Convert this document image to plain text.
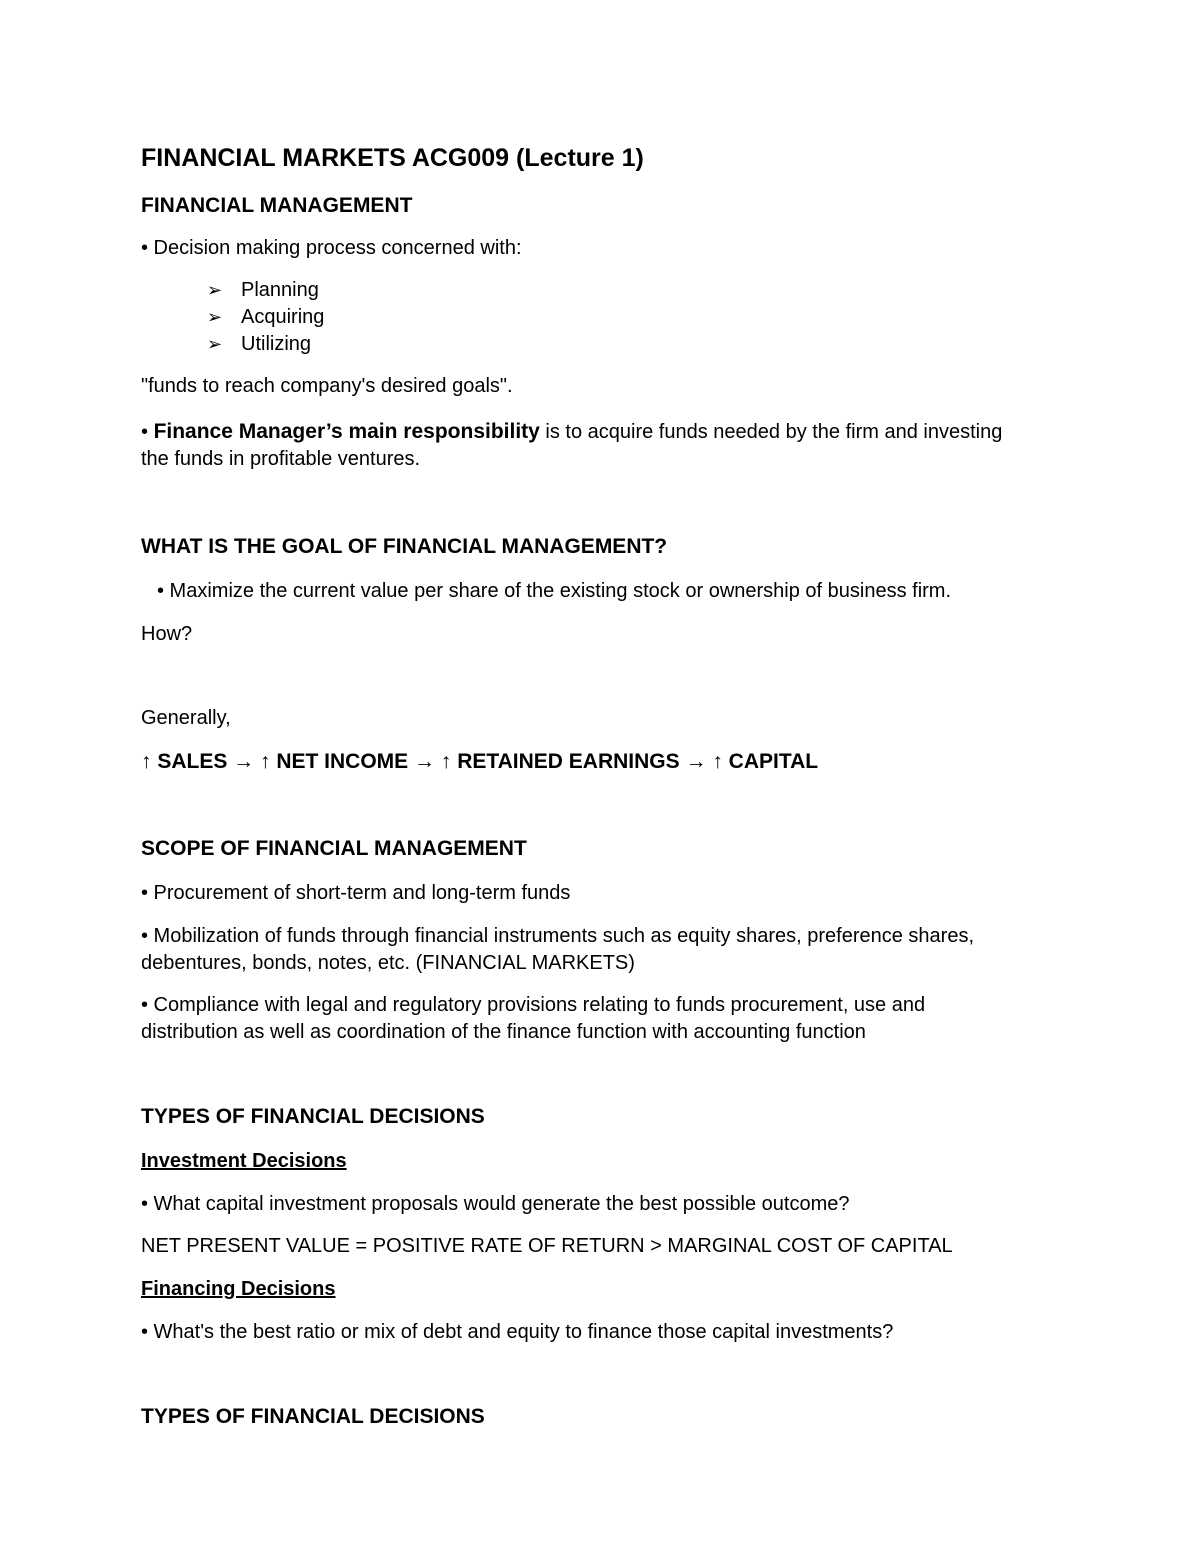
FINANCIAL MARKETS ACG009 (Lecture 1)
FINANCIAL MANAGEMENT
• Decision making process concerned with:
➢ Planning
➢ Acquiring
➢ Utilizing
"funds to reach company's desired goals".
• Finance Manager’s main responsibility is to acquire funds needed by the firm and investing the funds in profitable ventures.
WHAT IS THE GOAL OF FINANCIAL MANAGEMENT?
• Maximize the current value per share of the existing stock or ownership of business firm.
How?
Generally,
↑ SALES → ↑ NET INCOME → ↑ RETAINED EARNINGS → ↑ CAPITAL
SCOPE OF FINANCIAL MANAGEMENT
• Procurement of short-term and long-term funds
• Mobilization of funds through financial instruments such as equity shares, preference shares, debentures, bonds, notes, etc. (FINANCIAL MARKETS)
• Compliance with legal and regulatory provisions relating to funds procurement, use and distribution as well as coordination of the finance function with accounting function
TYPES OF FINANCIAL DECISIONS
Investment Decisions
• What capital investment proposals would generate the best possible outcome?
NET PRESENT VALUE = POSITIVE RATE OF RETURN > MARGINAL COST OF CAPITAL
Financing Decisions
• What's the best ratio or mix of debt and equity to finance those capital investments?
TYPES OF FINANCIAL DECISIONS
